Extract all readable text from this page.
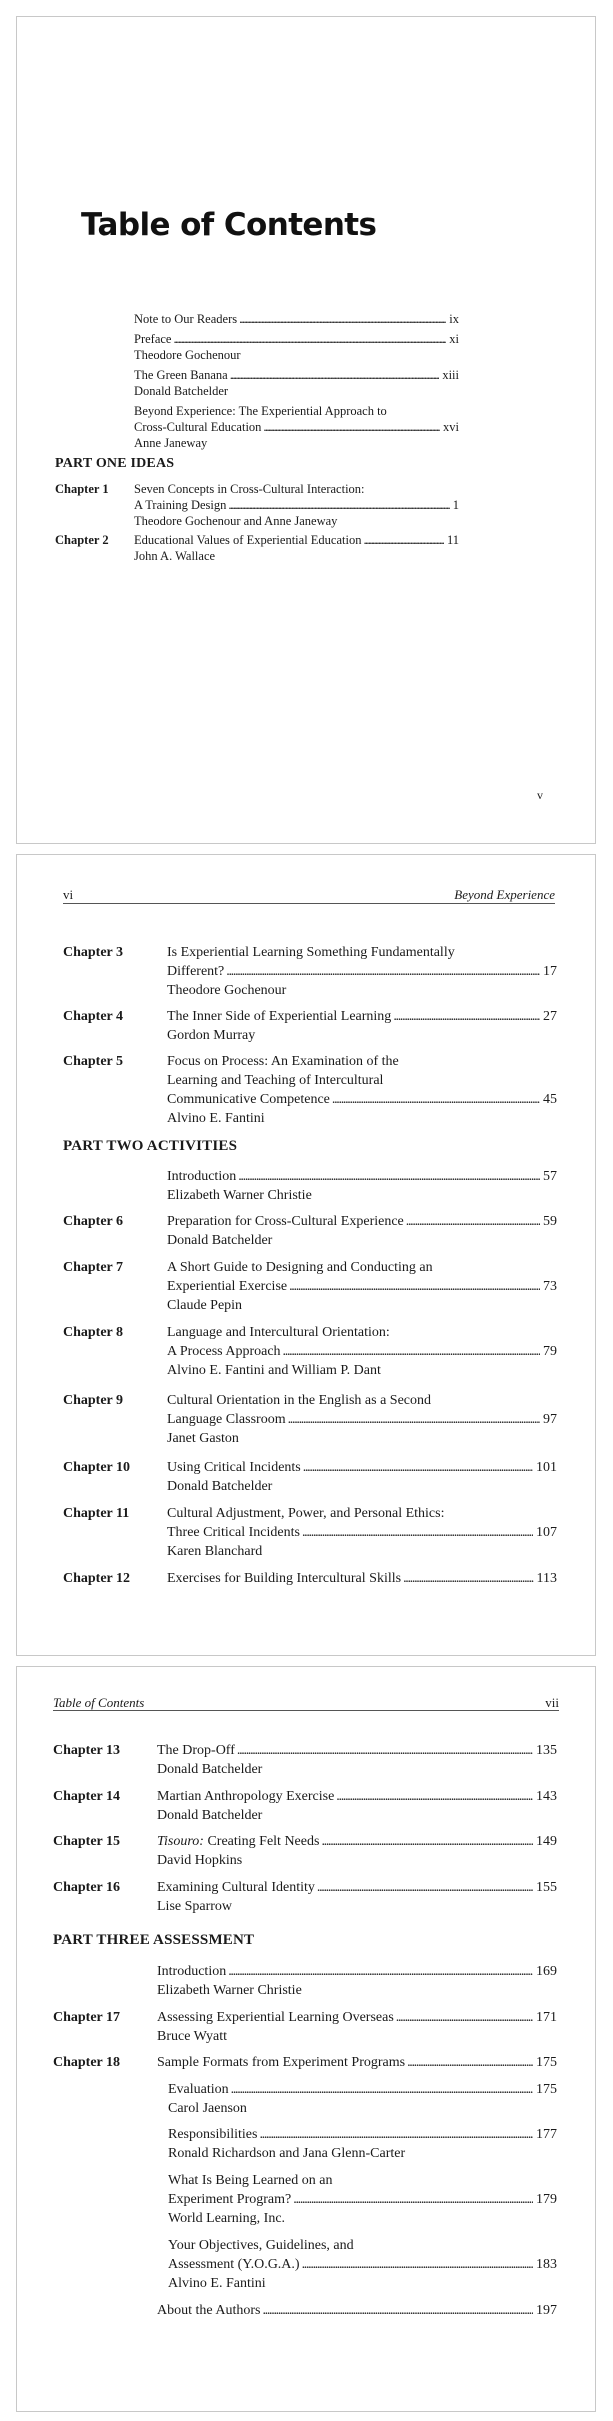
Table of Contents
Note to Our Readers . . .	ix
Preface . . .	xi
Theodore Gochenour
The Green Banana . . .	xiii
Donald Batchelder
Beyond Experience: The Experiential Approach to
Cross-Cultural Education . . .	xvi
Anne Janeway
PART ONE IDEAS
Chapter 1 Seven Concepts in Cross-Cultural Interaction:
A Training Design . . .	1
Theodore Gochenour and Anne Janeway
Chapter 2 Educational Values of Experiential Education . . .	11
John A. Wallace
v
vi	Beyond Experience
Chapter 3	Is Experiential Learning Something Fundamentally
Different? . . .	17
Theodore Gochenour
Chapter 4	The Inner Side of Experiential Learning . . .	27
Gordon Murray
Chapter 5	Focus on Process: An Examination of the
Learning and Teaching of Intercultural
Communicative Competence . . .	45
Alvino E. Fantini
PART TWO ACTIVITIES
Introduction . . .	57
Elizabeth Warner Christie
Chapter 6	Preparation for Cross-Cultural Experience . . .	59
Donald Batchelder
Chapter 7	A Short Guide to Designing and Conducting an
Experiential Exercise . . .	73
Claude Pepin
Chapter 8	Language and Intercultural Orientation:
A Process Approach . . .	79
Alvino E. Fantini and William P. Dant
Chapter 9	Cultural Orientation in the English as a Second
Language Classroom . . .	97
Janet Gaston
Chapter 10	Using Critical Incidents . . .	101
Donald Batchelder
Chapter 11	Cultural Adjustment, Power, and Personal Ethics:
Three Critical Incidents . . .	107
Karen Blanchard
Chapter 12	Exercises for Building Intercultural Skills . . .	113
Table of Contents	vii
Chapter 13	The Drop-Off . . .	135
Donald Batchelder
Chapter 14	Martian Anthropology Exercise . . .	143
Donald Batchelder
Chapter 15	Tisouro: Creating Felt Needs . . .	149
David Hopkins
Chapter 16	Examining Cultural Identity . . .	155
Lise Sparrow
PART THREE ASSESSMENT
Introduction . . .	169
Elizabeth Warner Christie
Chapter 17	Assessing Experiential Learning Overseas . . .	171
Bruce Wyatt
Chapter 18	Sample Formats from Experiment Programs . . .	175
Evaluation . . .	175
Carol Jaenson
Responsibilities . . .	177
Ronald Richardson and Jana Glenn-Carter
What Is Being Learned on an
Experiment Program? . . .	179
World Learning, Inc.
Your Objectives, Guidelines, and
Assessment (Y.O.G.A.) . . .	183
Alvino E. Fantini
About the Authors . . .	197
